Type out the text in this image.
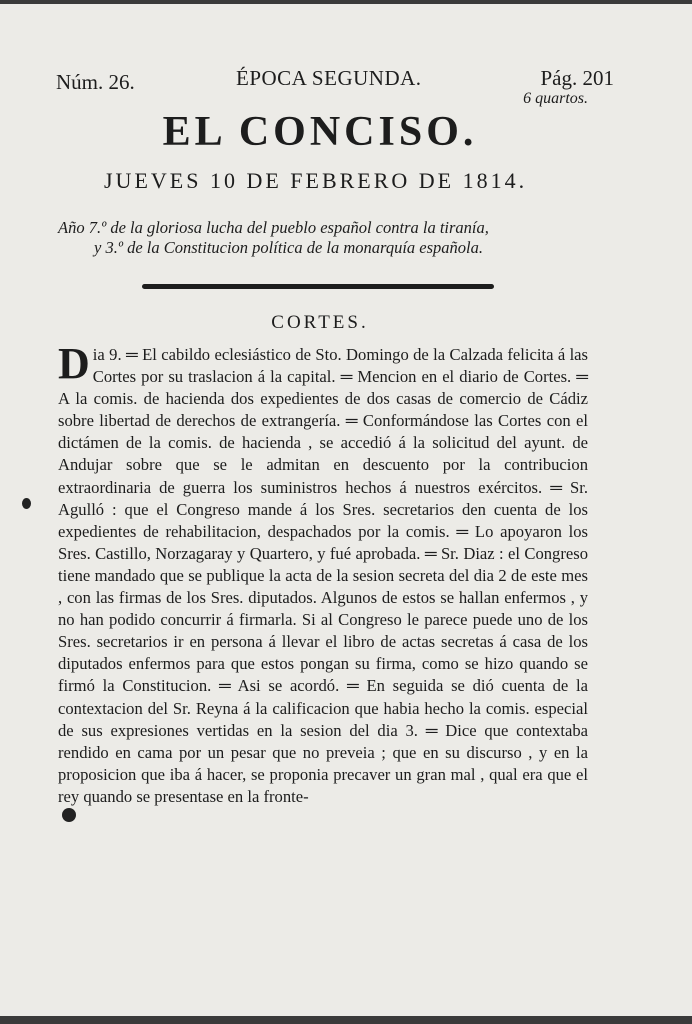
Núm. 26.	ÉPOCA SEGUNDA.	Pág. 201
6 quartos.
EL CONCISO.
JUEVES 10 DE FEBRERO DE 1814.
Año 7.º de la gloriosa lucha del pueblo español contra la tiranía,
y 3.º de la Constitucion política de la monarquía española.
CORTES.
Dia 9. ═ El cabildo eclesiástico de Sto. Domingo de la Calzada felicita á las Cortes por su traslacion á la capital. ═ Mencion en el diario de Cortes. ═ A la comis. de hacienda dos expedientes de dos casas de comercio de Cádiz sobre libertad de derechos de extrangería. ═ Conformándose las Cortes con el dictámen de la comis. de hacienda , se accedió á la solicitud del ayunt. de Andujar sobre que se le admitan en descuento por la contribucion extraordinaria de guerra los suministros hechos á nuestros exércitos. ═ Sr. Agulló : que el Congreso mande á los Sres. secretarios den cuenta de los expedientes de rehabilitacion, despachados por la comis. ═ Lo apoyaron los Sres. Castillo, Norzagaray y Quartero, y fué aprobada. ═ Sr. Diaz : el Congreso tiene mandado que se publique la acta de la sesion secreta del dia 2 de este mes , con las firmas de los Sres. diputados. Algunos de estos se hallan enfermos , y no han podido concurrir á firmarla. Si al Congreso le parece puede uno de los Sres. secretarios ir en persona á llevar el libro de actas secretas á casa de los diputados enfermos para que estos pongan su firma, como se hizo quando se firmó la Constitucion. ═ Asi se acordó. ═ En seguida se dió cuenta de la contextacion del Sr. Reyna á la calificacion que habia hecho la comis. especial de sus expresiones vertidas en la sesion del dia 3. ═ Dice que contextaba rendido en cama por un pesar que no preveia ; que en su discurso , y en la proposicion que iba á hacer, se proponia precaver un gran mal , qual era que el rey quando se presentase en la fronte-
